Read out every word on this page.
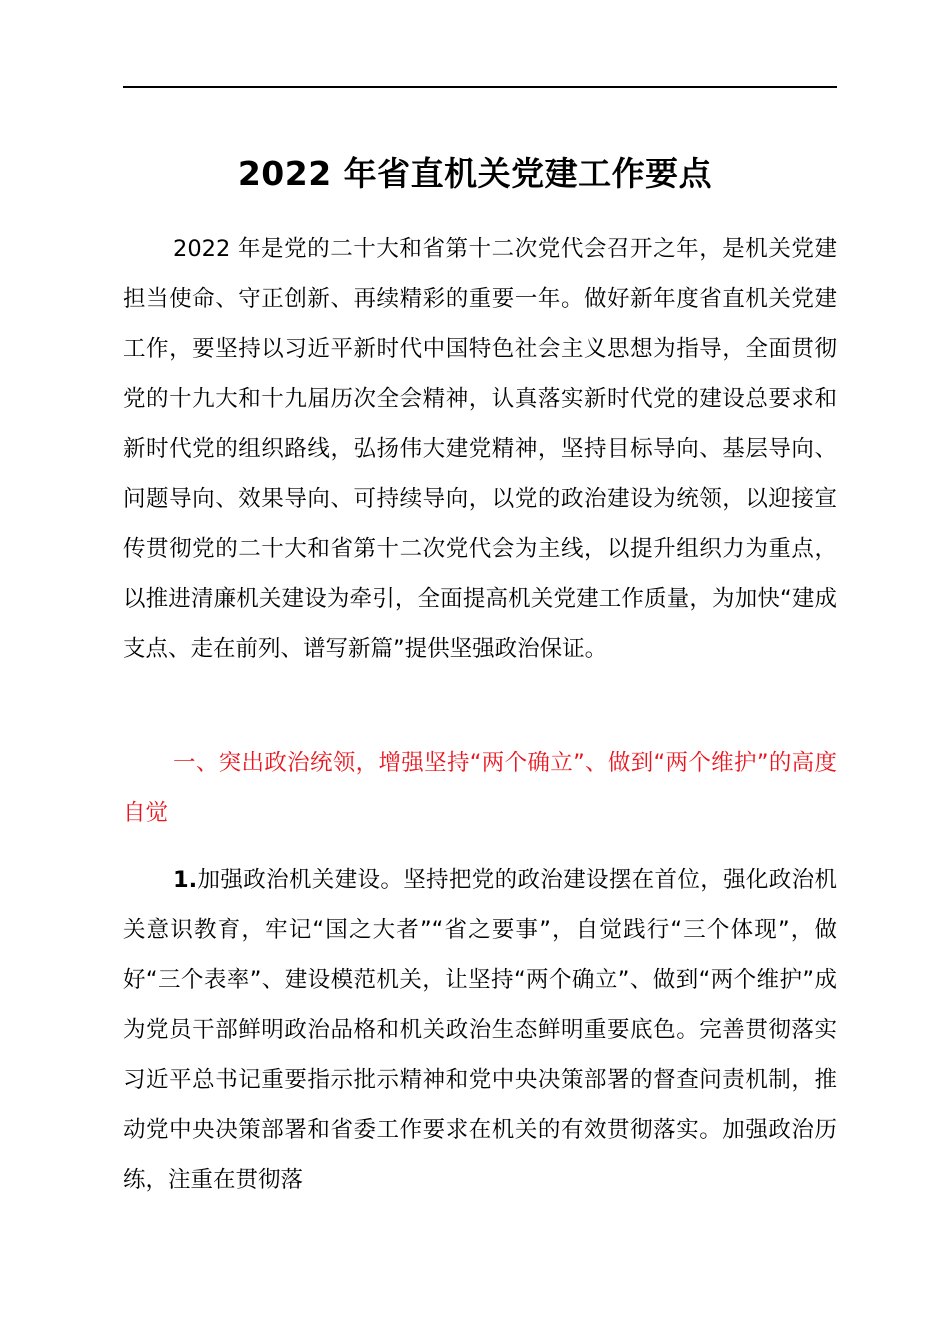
2022 年省直机关党建工作要点

2022 年是党的二十大和省第十二次党代会召开之年，是机关党建担当使命、守正创新、再续精彩的重要一年。做好新年度省直机关党建工作，要坚持以习近平新时代中国特色社会主义思想为指导，全面贯彻党的十九大和十九届历次全会精神，认真落实新时代党的建设总要求和新时代党的组织路线，弘扬伟大建党精神，坚持目标导向、基层导向、问题导向、效果导向、可持续导向，以党的政治建设为统领，以迎接宣传贯彻党的二十大和省第十二次党代会为主线，以提升组织力为重点，以推进清廉机关建设为牵引，全面提高机关党建工作质量，为加快“建成支点、走在前列、谱写新篇”提供坚强政治保证。

一、突出政治统领，增强坚持“两个确立”、做到“两个维护”的高度自觉

1.加强政治机关建设。坚持把党的政治建设摆在首位，强化政治机关意识教育，牢记“国之大者”“省之要事”，自觉践行“三个体现”，做好“三个表率”、建设模范机关，让坚持“两个确立”、做到“两个维护”成为党员干部鲜明政治品格和机关政治生态鲜明重要底色。完善贯彻落实习近平总书记重要指示批示精神和党中央决策部署的督查问责机制，推动党中央决策部署和省委工作要求在机关的有效贯彻落实。加强政治历练，注重在贯彻落
